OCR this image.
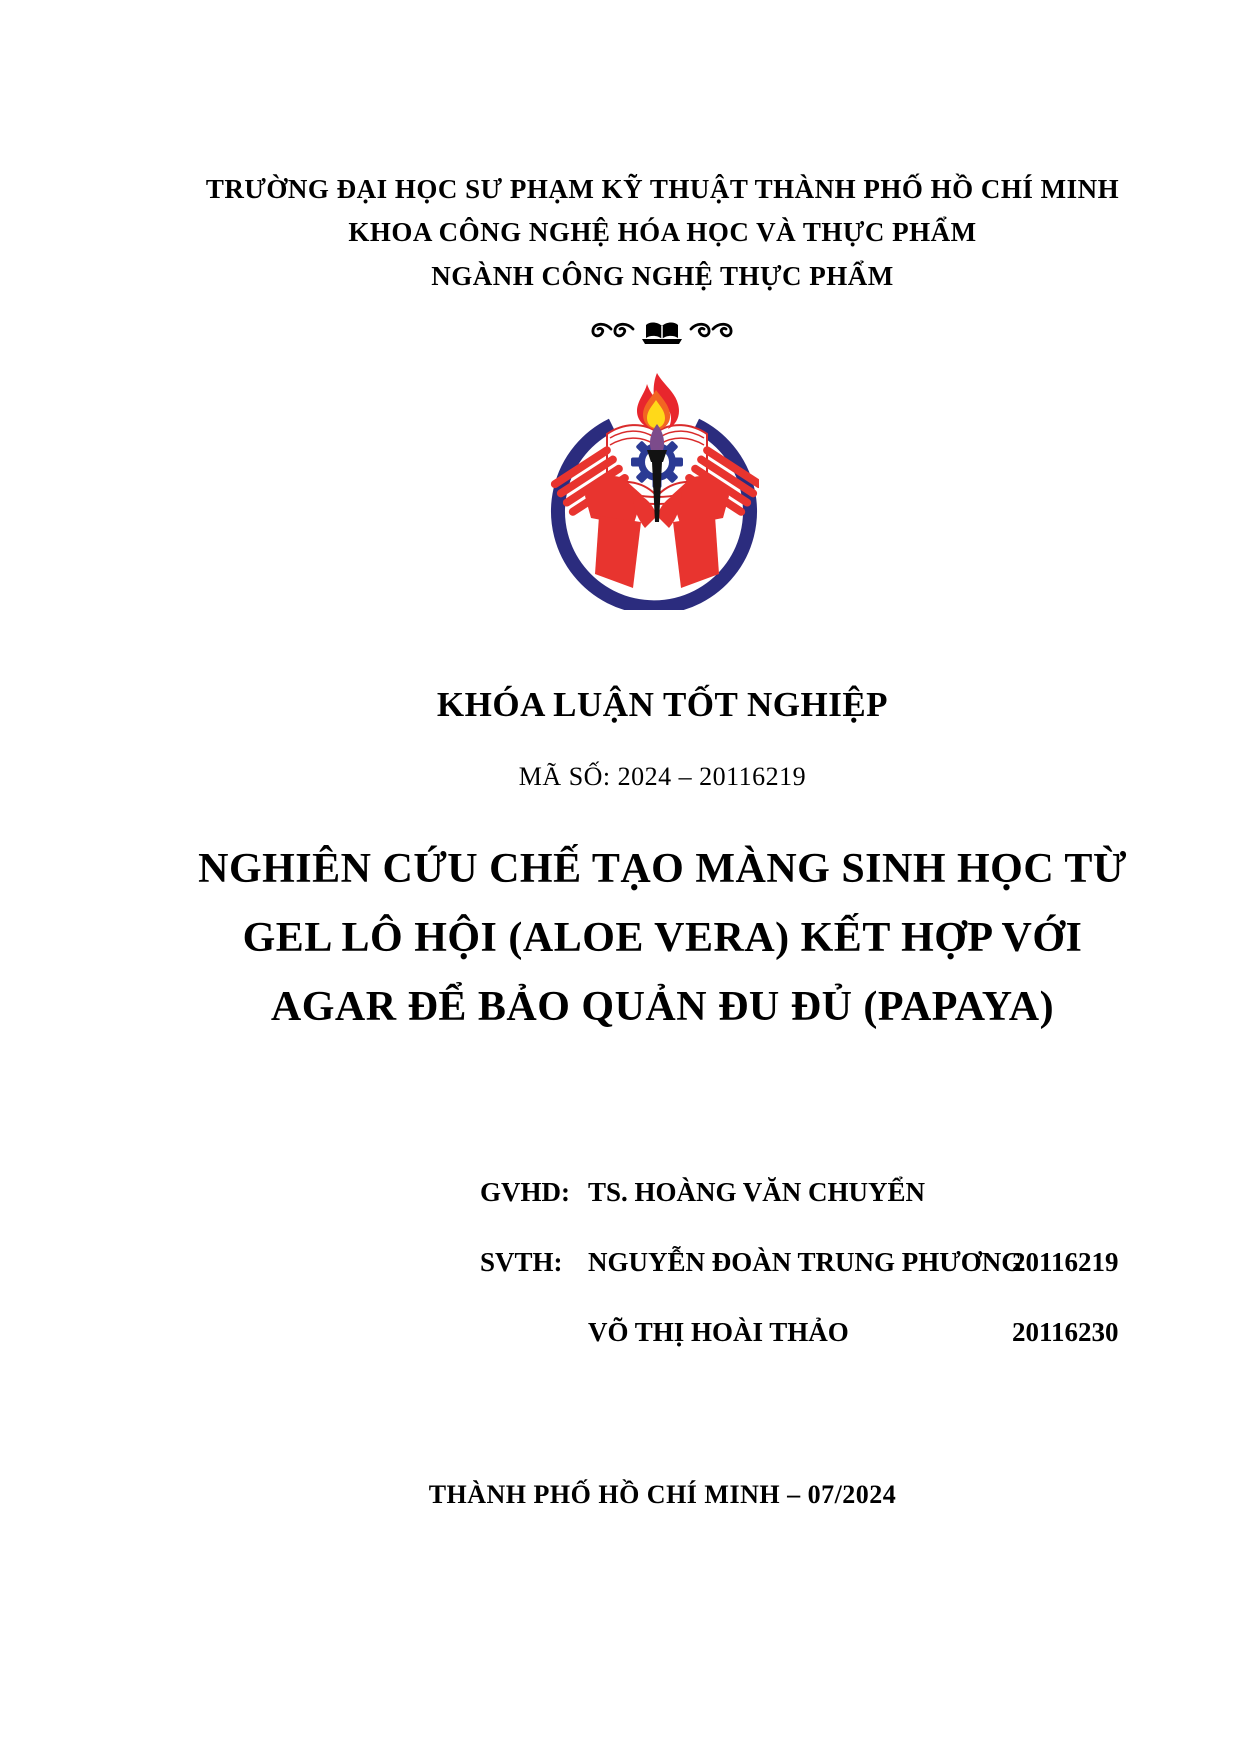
TRƯỜNG ĐẠI HỌC SƯ PHẠM KỸ THUẬT THÀNH PHỐ HỒ CHÍ MINH
KHOA CÔNG NGHỆ HÓA HỌC VÀ THỰC PHẨM
NGÀNH CÔNG NGHỆ THỰC PHẨM
KHÓA LUẬN TỐT NGHIỆP
MÃ SỐ: 2024 – 20116219
NGHIÊN CỨU CHẾ TẠO MÀNG SINH HỌC TỪ
GEL LÔ HỘI (ALOE VERA) KẾT HỢP VỚI
AGAR ĐỂ BẢO QUẢN ĐU ĐỦ (PAPAYA)
GVHD: TS. HOÀNG VĂN CHUYỂN
SVTH: NGUYỄN ĐOÀN TRUNG PHƯƠNG
20116219
VÕ THỊ HOÀI THẢO	20116230
THÀNH PHỐ HỒ CHÍ MINH – 07/2024
